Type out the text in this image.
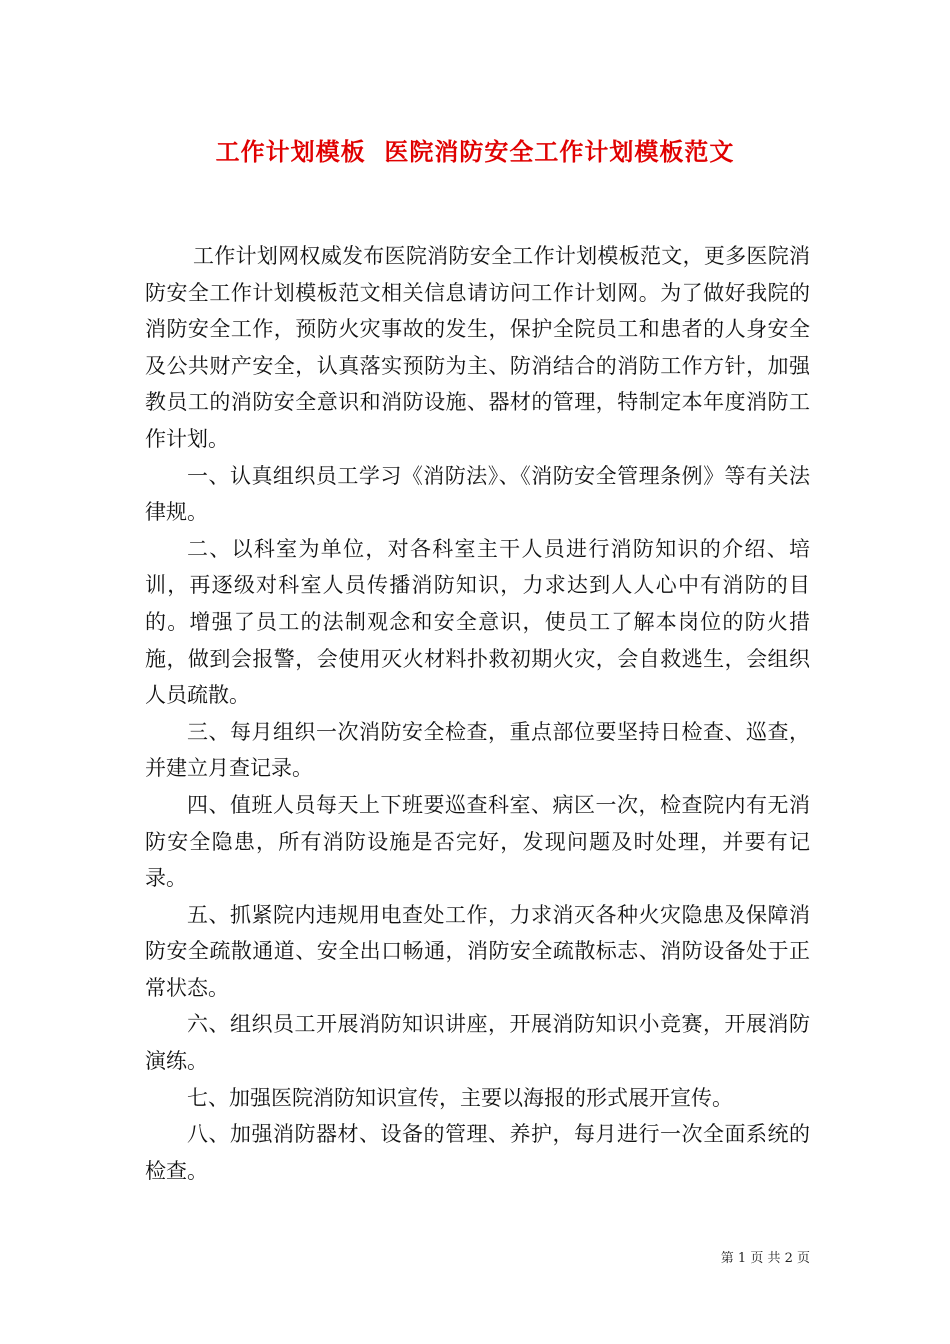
工作计划模板  医院消防安全工作计划模板范文

工作计划网权威发布医院消防安全工作计划模板范文，更多医院消防安全工作计划模板范文相关信息请访问工作计划网。为了做好我院的消防安全工作，预防火灾事故的发生，保护全院员工和患者的人身安全及公共财产安全，认真落实预防为主、防消结合的消防工作方针，加强教员工的消防安全意识和消防设施、器材的管理，特制定本年度消防工作计划。

一、认真组织员工学习《消防法》、《消防安全管理条例》等有关法律规。

二、以科室为单位，对各科室主干人员进行消防知识的介绍、培训，再逐级对科室人员传播消防知识，力求达到人人心中有消防的目的。增强了员工的法制观念和安全意识，使员工了解本岗位的防火措施，做到会报警，会使用灭火材料扑救初期火灾，会自救逃生，会组织人员疏散。

三、每月组织一次消防安全检查，重点部位要坚持日检查、巡查，并建立月查记录。

四、值班人员每天上下班要巡查科室、病区一次，检查院内有无消防安全隐患，所有消防设施是否完好，发现问题及时处理，并要有记录。

五、抓紧院内违规用电查处工作，力求消灭各种火灾隐患及保障消防安全疏散通道、安全出口畅通，消防安全疏散标志、消防设备处于正常状态。

六、组织员工开展消防知识讲座，开展消防知识小竞赛，开展消防演练。

七、加强医院消防知识宣传，主要以海报的形式展开宣传。

八、加强消防器材、设备的管理、养护，每月进行一次全面系统的检查。

第 1 页 共 2 页
